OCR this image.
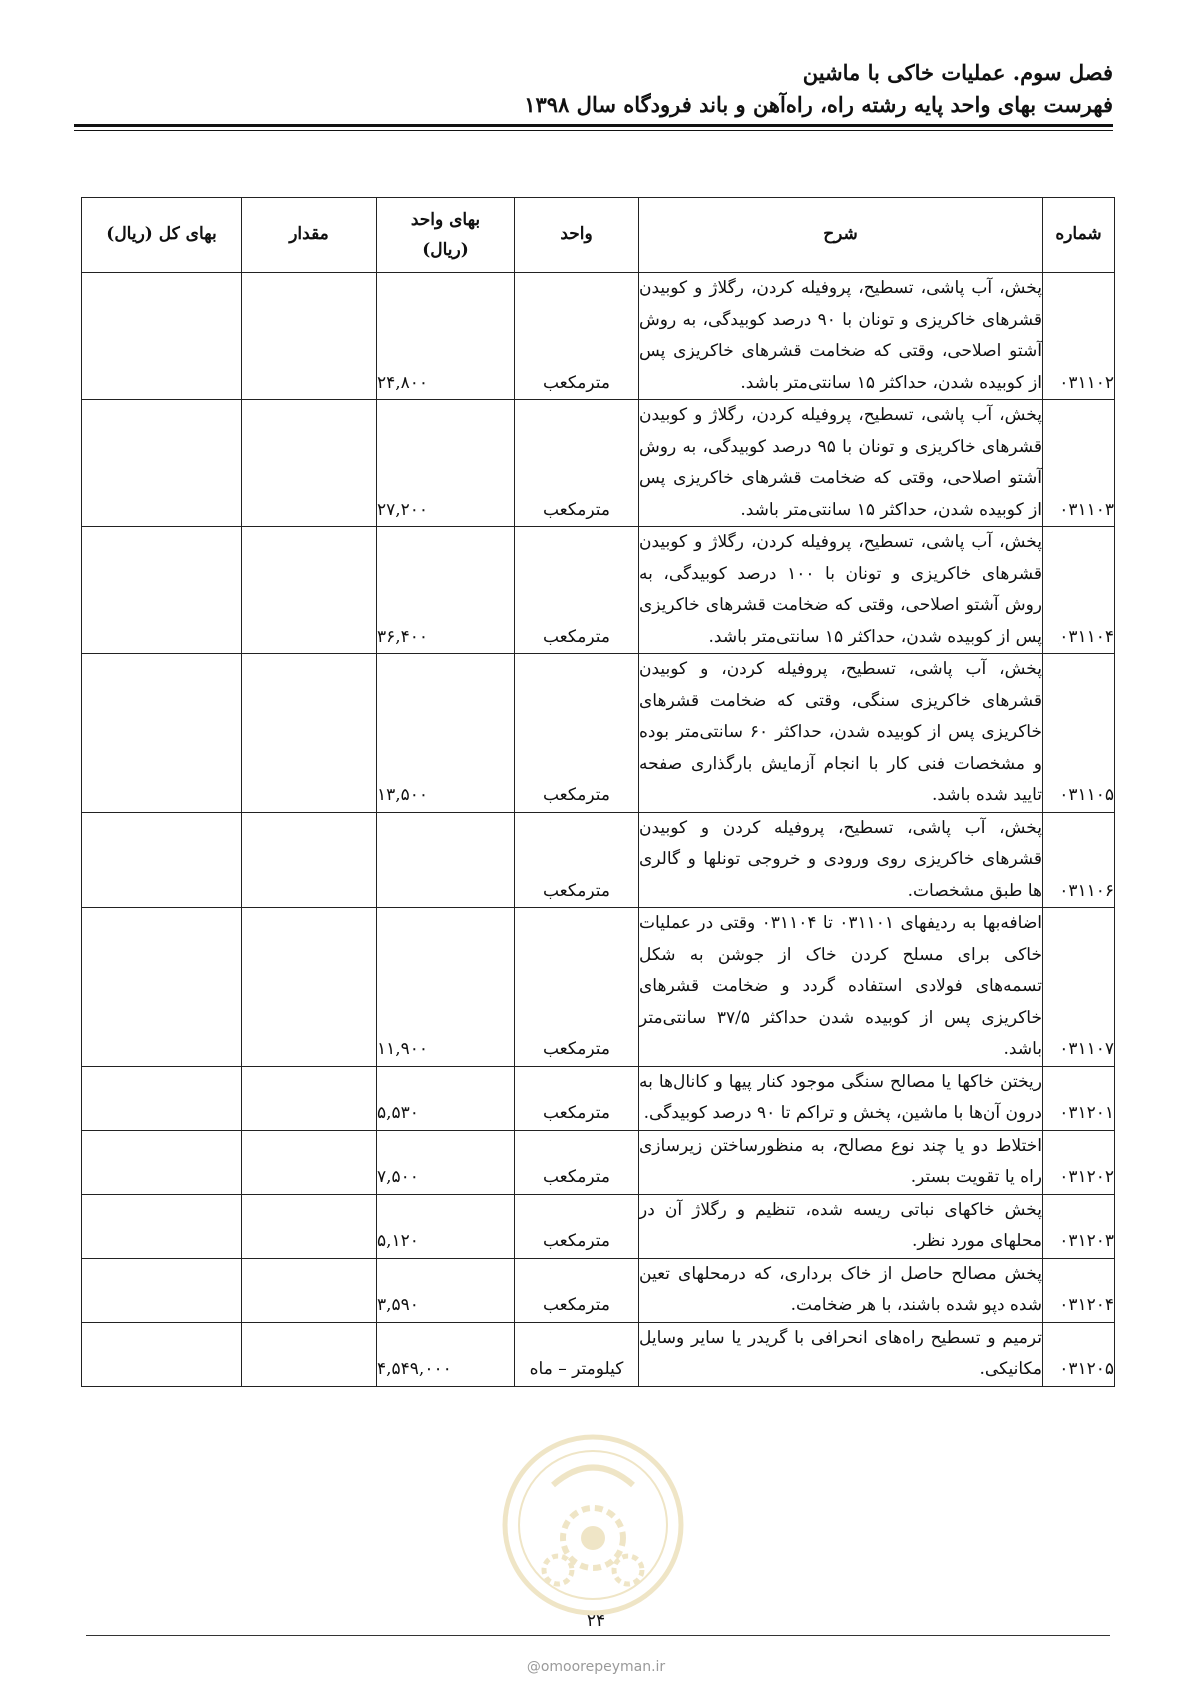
فصل سوم. عملیات خاکی با ماشین
فهرست بهای واحد پایه رشته راه، راه‌آهن و باند فرودگاه سال ۱۳۹۸
شماره	شرح	واحد	بهای واحد (ریال)	مقدار	بهای کل (ریال)
۰۳۱۱۰۲	پخش، آب پاشی، تسطیح، پروفیله کردن، رگلاژ و کوبیدن قشرهای خاکریزی و تونان با ۹۰ درصد کوبیدگی، به روش آشتو اصلاحی، وقتی که ضخامت قشرهای خاکریزی پس از کوبیده شدن، حداکثر ۱۵ سانتی‌متر باشد.	مترمکعب	۲۴,۸۰۰		
۰۳۱۱۰۳	پخش، آب پاشی، تسطیح، پروفیله کردن، رگلاژ و کوبیدن قشرهای خاکریزی و تونان با ۹۵ درصد کوبیدگی، به روش آشتو اصلاحی، وقتی که ضخامت قشرهای خاکریزی پس از کوبیده شدن، حداکثر ۱۵ سانتی‌متر باشد.	مترمکعب	۲۷,۲۰۰		
۰۳۱۱۰۴	پخش، آب پاشی، تسطیح، پروفیله کردن، رگلاژ و کوبیدن قشرهای خاکریزی و تونان با ۱۰۰ درصد کوبیدگی، به روش آشتو اصلاحی، وقتی که ضخامت قشرهای خاکریزی پس از کوبیده شدن، حداکثر ۱۵ سانتی‌متر باشد.	مترمکعب	۳۶,۴۰۰		
۰۳۱۱۰۵	پخش، آب پاشی، تسطیح، پروفیله کردن، و کوبیدن قشرهای خاکریزی سنگی، وقتی که ضخامت قشرهای خاکریزی پس از کوبیده شدن، حداکثر ۶۰ سانتی‌متر بوده و مشخصات فنی کار با انجام آزمایش بارگذاری صفحه تایید شده باشد.	مترمکعب	۱۳,۵۰۰		
۰۳۱۱۰۶	پخش، آب پاشی، تسطیح، پروفیله کردن و کوبیدن قشرهای خاکریزی روی ورودی و خروجی تونلها و گالری ها طبق مشخصات.	مترمکعب			
۰۳۱۱۰۷	اضافه‌بها به ردیفهای ۰۳۱۱۰۱ تا ۰۳۱۱۰۴ وقتی در عملیات خاکی برای مسلح کردن خاک از جوشن به شکل تسمه‌های فولادی استفاده گردد و ضخامت قشرهای خاکریزی پس از کوبیده شدن حداکثر ۳۷/۵ سانتی‌متر باشد.	مترمکعب	۱۱,۹۰۰		
۰۳۱۲۰۱	ریختن خاکها یا مصالح سنگی موجود کنار پیها و کانال‌ها به درون آن‌ها با ماشین، پخش و تراکم تا ۹۰ درصد کوبیدگی.	مترمکعب	۵,۵۳۰		
۰۳۱۲۰۲	اختلاط دو یا چند نوع مصالح، به منظورساختن زیرسازی راه یا تقویت بستر.	مترمکعب	۷,۵۰۰		
۰۳۱۲۰۳	پخش خاکهای نباتی ریسه شده، تنظیم و رگلاژ آن در محلهای مورد نظر.	مترمکعب	۵,۱۲۰		
۰۳۱۲۰۴	پخش مصالح حاصل از خاک برداری، که درمحلهای تعین شده دپو شده باشند، با هر ضخامت.	مترمکعب	۳,۵۹۰		
۰۳۱۲۰۵	ترمیم و تسطیح راه‌های انحرافی با گریدر یا سایر وسایل مکانیکی.	کیلومتر – ماه	۴,۵۴۹,۰۰۰		
۲۴
@omoorepeyman.ir
